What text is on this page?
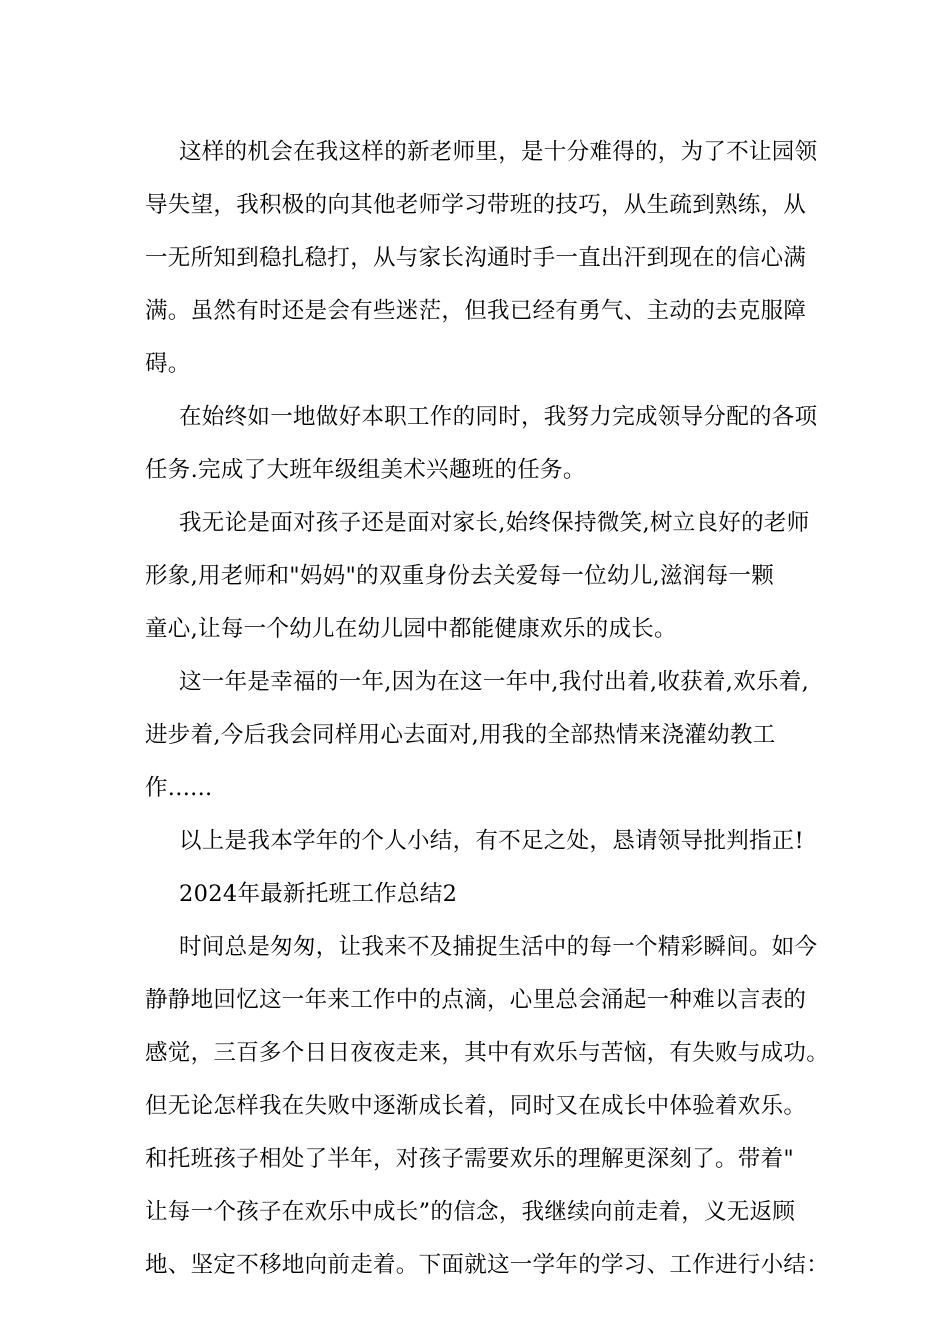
这样的机会在我这样的新老师里，是十分难得的，为了不让园领
导失望，我积极的向其他老师学习带班的技巧，从生疏到熟练，从
一无所知到稳扎稳打，从与家长沟通时手一直出汗到现在的信心满
满。虽然有时还是会有些迷茫，但我已经有勇气、主动的去克服障
碍。
在始终如一地做好本职工作的同时，我努力完成领导分配的各项
任务.完成了大班年级组美术兴趣班的任务。
我无论是面对孩子还是面对家长,始终保持微笑,树立良好的老师
形象,用老师和"妈妈"的双重身份去关爱每一位幼儿,滋润每一颗
童心,让每一个幼儿在幼儿园中都能健康欢乐的成长。
这一年是幸福的一年,因为在这一年中,我付出着,收获着,欢乐着,
进步着,今后我会同样用心去面对,用我的全部热情来浇灌幼教工
作......
以上是我本学年的个人小结，有不足之处，恳请领导批判指正!
2024年最新托班工作总结2
时间总是匆匆，让我来不及捕捉生活中的每一个精彩瞬间。如今
静静地回忆这一年来工作中的点滴，心里总会涌起一种难以言表的
感觉，三百多个日日夜夜走来，其中有欢乐与苦恼，有失败与成功。
但无论怎样我在失败中逐渐成长着，同时又在成长中体验着欢乐。
和托班孩子相处了半年，对孩子需要欢乐的理解更深刻了。带着"
让每一个孩子在欢乐中成长”的信念，我继续向前走着，义无返顾
地、坚定不移地向前走着。下面就这一学年的学习、工作进行小结：
